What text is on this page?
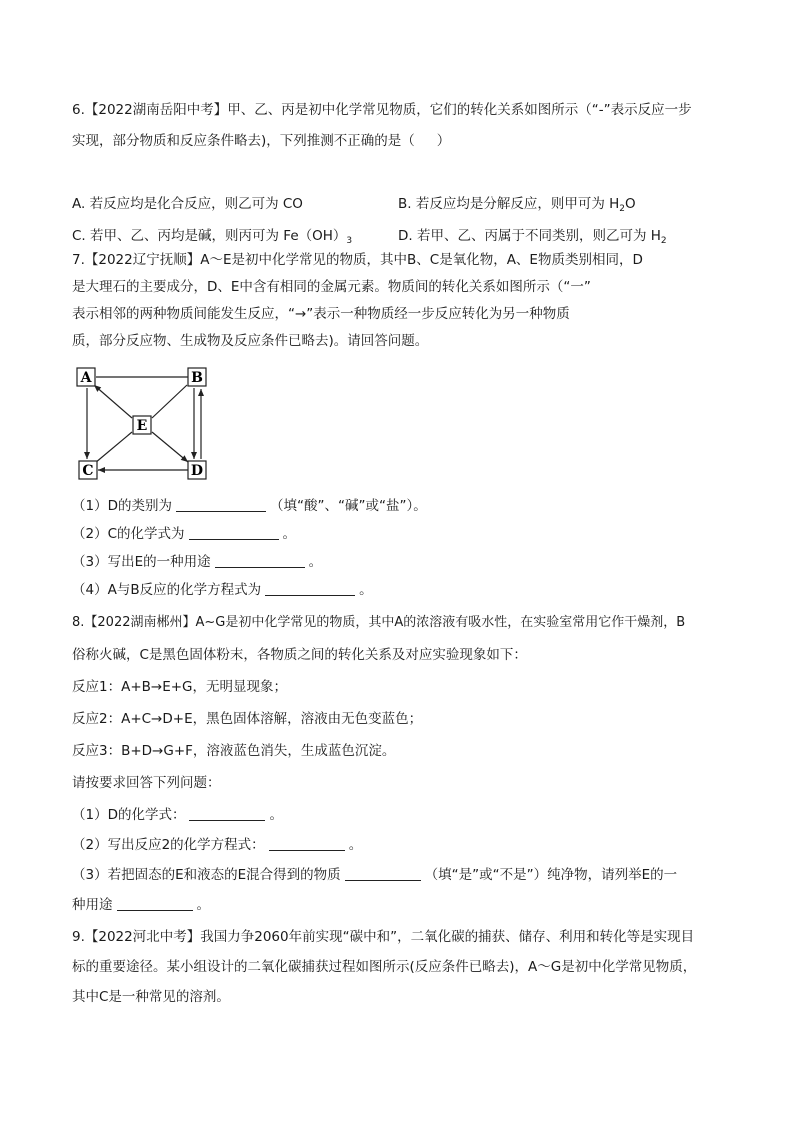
6.【2022湖南岳阳中考】甲、乙、丙是初中化学常见物质，它们的转化关系如图所示（“-”表示反应一步
实现，部分物质和反应条件略去)，下列推测不正确的是（ ）
A. 若反应均是化合反应，则乙可为 CO	B. 若反应均是分解反应，则甲可为 $H_2O$
C. 若甲、乙、丙均是碱，则丙可为 $Fe(OH)_3$	D. 若甲、乙、丙属于不同类别，则乙可为 $H_2$
7.【2022辽宁抚顺】A～E是初中化学常见的物质，其中B、C是氧化物，A、E物质类别相同，D
是大理石的主要成分，D、E中含有相同的金属元素。物质间的转化关系如图所示（“一”
表示相邻的两种物质间能发生反应，“→”表示一种物质经一步反应转化为另一种物质
质，部分反应物、生成物及反应条件已略去)。请回答问题。
A	B
E
C	D
（1）D的类别为	（填“酸”、“碱”或“盐”）。
（2）C的化学式为	。
（3）写出E的一种用途	。
（4）A与B反应的化学方程式为	。
8.【2022湖南郴州】A~G是初中化学常见的物质，其中A的浓溶液有吸水性，在实验室常用它作干燥剂，B
俗称火碱，C是黑色固体粉末，各物质之间的转化关系及对应实验现象如下：
反应1：A+B→E+G，无明显现象；
反应2：A+C→D+E，黑色固体溶解，溶液由无色变蓝色；
反应3：B+D→G+F，溶液蓝色消失，生成蓝色沉淀。
请按要求回答下列问题：
（1）D的化学式：	。
（2）写出反应2的化学方程式：	。
（3）若把固态的E和液态的E混合得到的物质	（填“是”或“不是”）纯净物，请列举E的一
种用途	。
9.【2022河北中考】我国力争2060年前实现“碳中和”，二氧化碳的捕获、储存、利用和转化等是实现目
标的重要途径。某小组设计的二氧化碳捕获过程如图所示(反应条件已略去)，A～G是初中化学常见物质，
其中C是一种常见的溶剂。
